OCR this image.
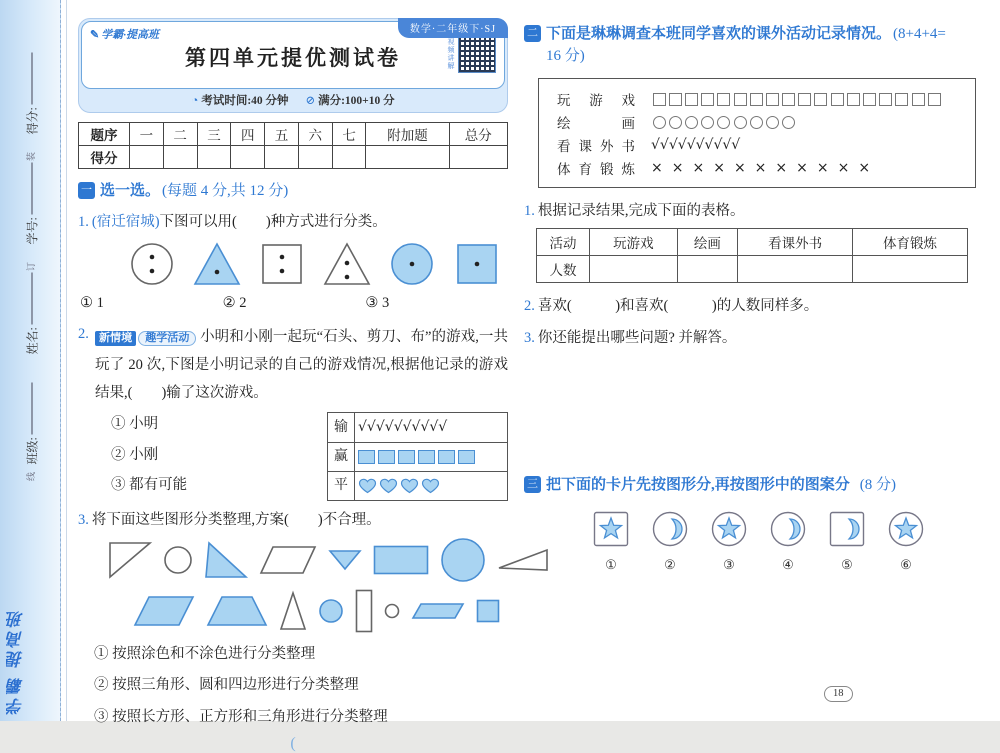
学霸 提高班
得分:
学号:
姓名:
班级:
装
订
线
数学·二年级下·SJ
✎ 学霸·提高班
第四单元提优测试卷	视频讲解
◔ 考试时间:40 分钟 ⊘ 满分:100+10 分
题序	一	二	三	四	五	六	七	附加题	总分
得分									
一 选一选。 (每题 4 分,共 12 分)
1. (宿迁宿城)下图可以用(　　)种方式进行分类。
① 1	② 2	③ 3
2. 新情境 趣学活动 小明和小刚一起玩“石头、剪刀、布”的游戏,一共玩了 20 次,下图是小明记录的自己的游戏情况,根据他记录的游戏结果,(　　)输了这次游戏。
① 小明
② 小刚
③ 都有可能
输	√√√√√√√√√√
赢	
平	
3. 将下面这些图形分类整理,方案(　　)不合理。
① 按照涂色和不涂色进行分类整理
② 按照三角形、圆和四边形进行分类整理
③ 按照长方形、正方形和三角形进行分类整理
(
二 下面是琳琳调查本班同学喜欢的课外活动记录情况。 (8+4+4=
16 分)
玩游戏
绘画
看课外书 √√√√√√√√√√
体育锻炼 ×××××××××××
1. 根据记录结果,完成下面的表格。
活动	玩游戏	绘画	看课外书	体育锻炼
人数				
2. 喜欢(　　　)和喜欢(　　　)的人数同样多。
3. 你还能提出哪些问题? 并解答。
三 把下面的卡片先按图形分,再按图形中的图案分 (8 分)
①	②	③	④	⑤	⑥
18
